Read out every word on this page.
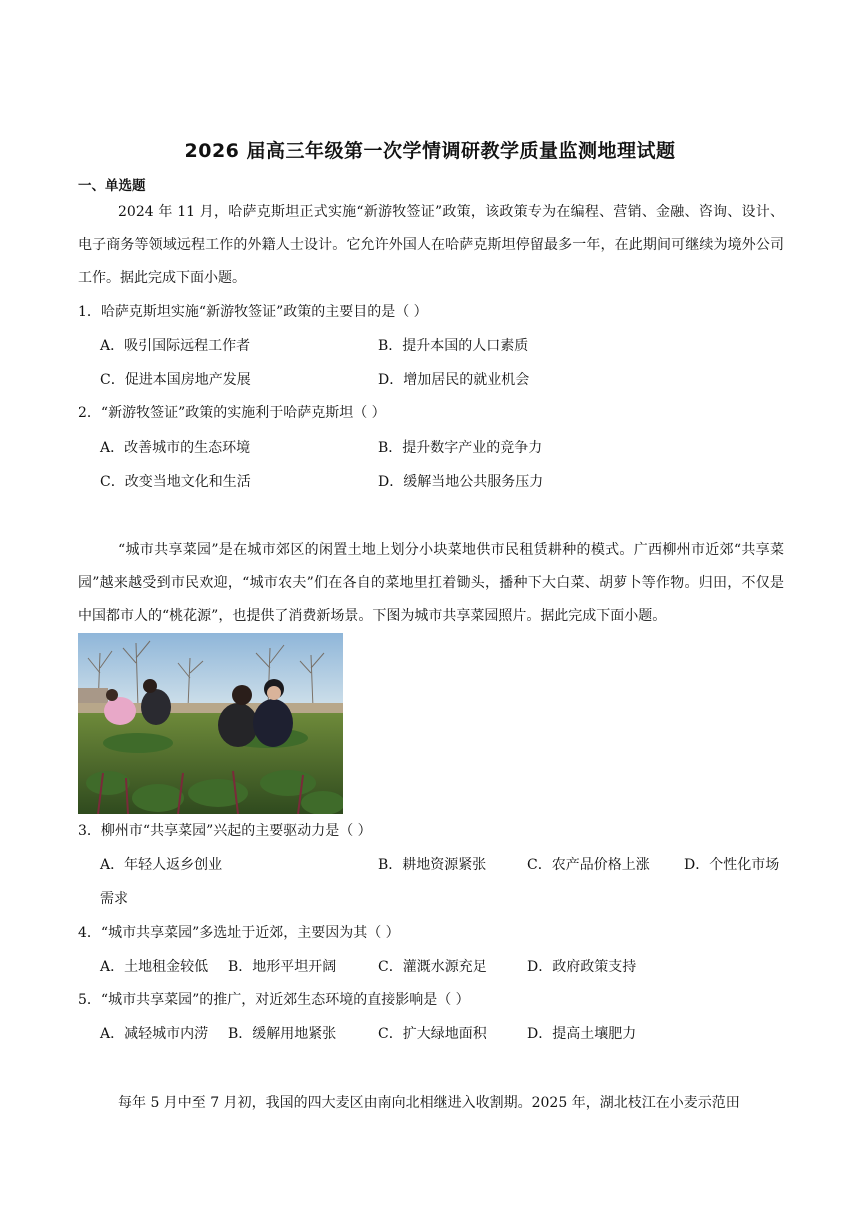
2026 届高三年级第一次学情调研教学质量监测地理试题
一、单选题
2024 年 11 月，哈萨克斯坦正式实施“新游牧签证”政策，该政策专为在编程、营销、金融、咨询、设计、电子商务等领域远程工作的外籍人士设计。它允许外国人在哈萨克斯坦停留最多一年，在此期间可继续为境外公司工作。据此完成下面小题。
1．哈萨克斯坦实施“新游牧签证”政策的主要目的是（ ）
A．吸引国际远程工作者	B．提升本国的人口素质
C．促进本国房地产发展	D．增加居民的就业机会
2．“新游牧签证”政策的实施利于哈萨克斯坦（ ）
A．改善城市的生态环境	B．提升数字产业的竞争力
C．改变当地文化和生活	D．缓解当地公共服务压力
“城市共享菜园”是在城市郊区的闲置土地上划分小块菜地供市民租赁耕种的模式。广西柳州市近郊“共享菜园”越来越受到市民欢迎，“城市农夫”们在各自的菜地里扛着锄头，播种下大白菜、胡萝卜等作物。归田，不仅是中国都市人的“桃花源”，也提供了消费新场景。下图为城市共享菜园照片。据此完成下面小题。
3．柳州市“共享菜园”兴起的主要驱动力是（ ）
A．年轻人返乡创业	B．耕地资源紧张	C．农产品价格上涨 D．个性化市场
需求
4．“城市共享菜园”多选址于近郊，主要因为其（ ）
A．土地租金较低 B．地形平坦开阔	C．灌溉水源充足	D．政府政策支持
5．“城市共享菜园”的推广，对近郊生态环境的直接影响是（ ）
A．减轻城市内涝 B．缓解用地紧张	C．扩大绿地面积	D．提高土壤肥力
每年 5 月中至 7 月初，我国的四大麦区由南向北相继进入收割期。2025 年，湖北枝江在小麦示范田
